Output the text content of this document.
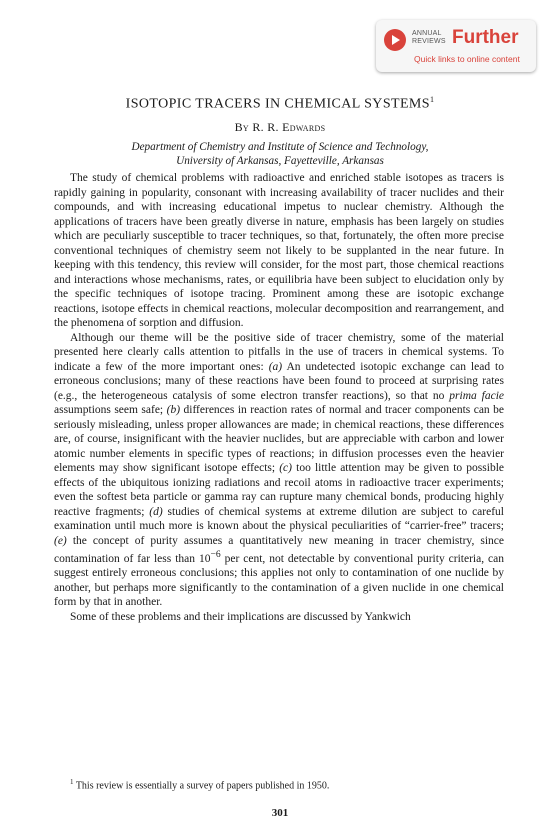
ANNUAL
REVIEWS Further
Quick links to online content
ISOTOPIC TRACERS IN CHEMICAL SYSTEMS$^1$

By R. R. Edwards

Department of Chemistry and Institute of Science and Technology,
University of Arkansas, Fayetteville, Arkansas

The study of chemical problems with radioactive and enriched stable isotopes as tracers is rapidly gaining in popularity, consonant with increasing availability of tracer nuclides and their compounds, and with increasing educational impetus to nuclear chemistry. Although the applications of tracers have been greatly diverse in nature, emphasis has been largely on studies which are peculiarly susceptible to tracer techniques, so that, fortunately, the often more precise conventional techniques of chemistry seem not likely to be supplanted in the near future. In keeping with this tendency, this review will consider, for the most part, those chemical reactions and interactions whose mechanisms, rates, or equilibria have been subject to elucidation only by the specific techniques of isotope tracing. Prominent among these are isotopic exchange reactions, isotope effects in chemical reactions, molecular decomposition and rearrangement, and the phenomena of sorption and diffusion.

Although our theme will be the positive side of tracer chemistry, some of the material presented here clearly calls attention to pitfalls in the use of tracers in chemical systems. To indicate a few of the more important ones: (a) An undetected isotopic exchange can lead to erroneous conclusions; many of these reactions have been found to proceed at surprising rates (e.g., the heterogeneous catalysis of some electron transfer reactions), so that no prima facie assumptions seem safe; (b) differences in reaction rates of normal and tracer components can be seriously misleading, unless proper allowances are made; in chemical reactions, these differences are, of course, insignificant with the heavier nuclides, but are appreciable with carbon and lower atomic number elements in specific types of reactions; in diffusion processes even the heavier elements may show significant isotope effects; (c) too little attention may be given to possible effects of the ubiquitous ionizing radiations and recoil atoms in radioactive tracer experiments; even the softest beta particle or gamma ray can rupture many chemical bonds, producing highly reactive fragments; (d) studies of chemical systems at extreme dilution are subject to careful examination until much more is known about the physical peculiarities of “carrier-free” tracers; (e) the concept of purity assumes a quantitatively new meaning in tracer chemistry, since contamination of far less than $10^{-6}$ per cent, not detectable by conventional purity criteria, can suggest entirely erroneous conclusions; this applies not only to contamination of one nuclide by another, but perhaps more significantly to the contamination of a given nuclide in one chemical form by that in another.

Some of these problems and their implications are discussed by Yankwich

$^1$ This review is essentially a survey of papers published in 1950.
301
